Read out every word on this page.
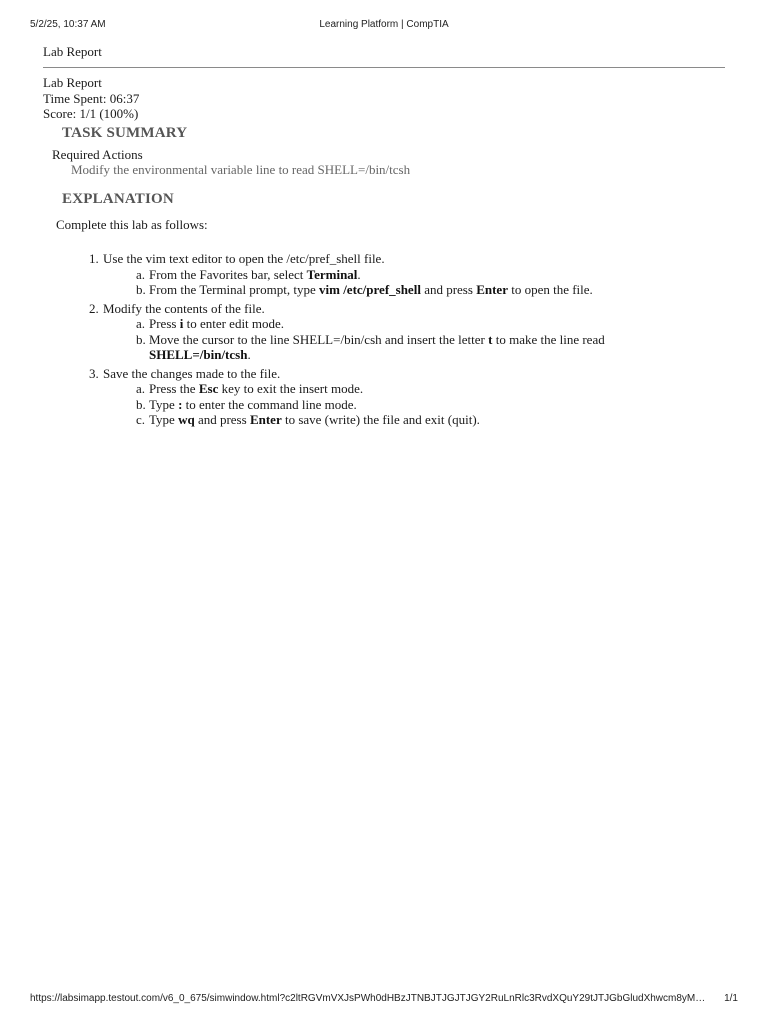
5/2/25, 10:37 AM	Learning Platform | CompTIA
Lab Report
Lab Report
Time Spent: 06:37
Score: 1/1 (100%)
TASK SUMMARY
Required Actions
Modify the environmental variable line to read SHELL=/bin/tcsh
EXPLANATION
Complete this lab as follows:
1. Use the vim text editor to open the /etc/pref_shell file.
a. From the Favorites bar, select Terminal.
b. From the Terminal prompt, type vim /etc/pref_shell and press Enter to open the file.
2. Modify the contents of the file.
a. Press i to enter edit mode.
b. Move the cursor to the line SHELL=/bin/csh and insert the letter t to make the line read
SHELL=/bin/tcsh.
3. Save the changes made to the file.
a. Press the Esc key to exit the insert mode.
b. Type : to enter the command line mode.
c. Type wq and press Enter to save (write) the file and exit (quit).
https://labsimapp.testout.com/v6_0_675/simwindow.html?c2ltRGVmVXJsPWh0dHBzJTNBJTJGJTJGY2RuLnRlc3RvdXQuY29tJTJGbGludXhwcm8yM…	1/1
